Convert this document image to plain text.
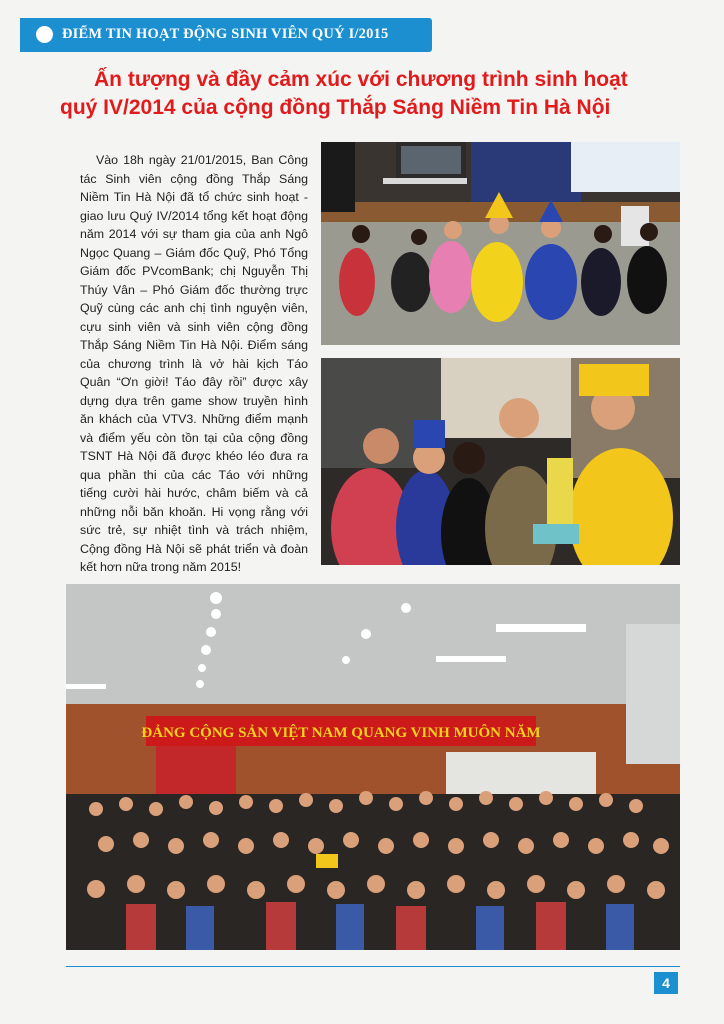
ĐIỂM TIN HOẠT ĐỘNG SINH VIÊN QUÝ I/2015
Ấn tượng và đầy cảm xúc với chương trình sinh hoạt
quý IV/2014 của cộng đồng Thắp Sáng Niềm Tin Hà Nội
Vào 18h ngày 21/01/2015, Ban Công tác Sinh viên cộng đồng Thắp Sáng Niềm Tin Hà Nội đã tổ chức sinh hoạt - giao lưu Quý IV/2014 tổng kết hoạt động năm 2014 với sự tham gia của anh Ngô Ngọc Quang – Giám đốc Quỹ, Phó Tổng Giám đốc PVcomBank; chị Nguyễn Thị Thúy Vân – Phó Giám đốc thường trực Quỹ cùng các anh chị tình nguyện viên, cựu sinh viên và sinh viên cộng đồng Thắp Sáng Niềm Tin Hà Nội. Điểm sáng của chương trình là vở hài kịch Táo Quân “Ơn giời! Táo đây rồi” được xây dựng dựa trên game show truyền hình ăn khách của VTV3. Những điểm mạnh và điểm yếu còn tồn tại của cộng đồng TSNT Hà Nội đã được khéo léo đưa ra qua phần thi của các Táo với những tiếng cười hài hước, châm biếm và cả những nỗi băn khoăn. Hi vọng rằng với sức trẻ, sự nhiệt tình và trách nhiệm, Cộng đồng Hà Nội sẽ phát triển và đoàn kết hơn nữa trong năm 2015!
ĐẢNG CỘNG SẢN VIỆT NAM QUANG VINH MUÔN NĂM
4
